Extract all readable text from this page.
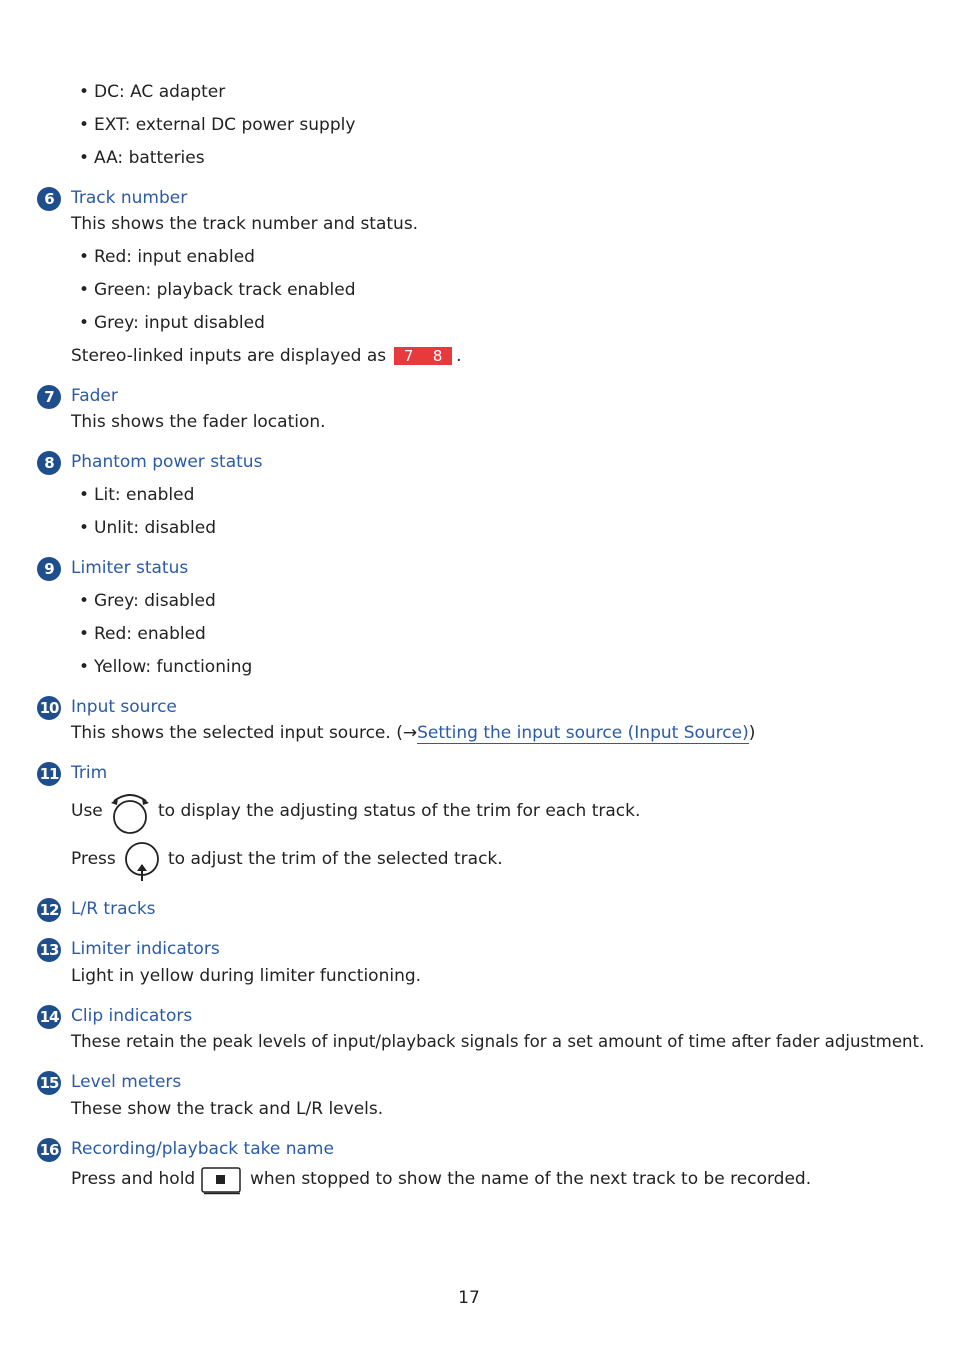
• DC: AC adapter
• EXT: external DC power supply
• AA: batteries
6	Track number
This shows the track number and status.
• Red: input enabled
• Green: playback track enabled
• Grey: input disabled
Stereo-linked inputs are displayed as 7 8 .
7	Fader
This shows the fader location.
8	Phantom power status
• Lit: enabled
• Unlit: disabled
9	Limiter status
• Grey: disabled
• Red: enabled
• Yellow: functioning
10 Input source
This shows the selected input source. (→Setting the input source (Input Source))
11 Trim
Use	to display the adjusting status of the trim for each track.
Press	to adjust the trim of the selected track.
12 L/R tracks
13 Limiter indicators
Light in yellow during limiter functioning.
14 Clip indicators
These retain the peak levels of input/playback signals for a set amount of time after fader adjustment.
15 Level meters
These show the track and L/R levels.
16 Recording/playback take name
Press and hold	when stopped to show the name of the next track to be recorded.
17
